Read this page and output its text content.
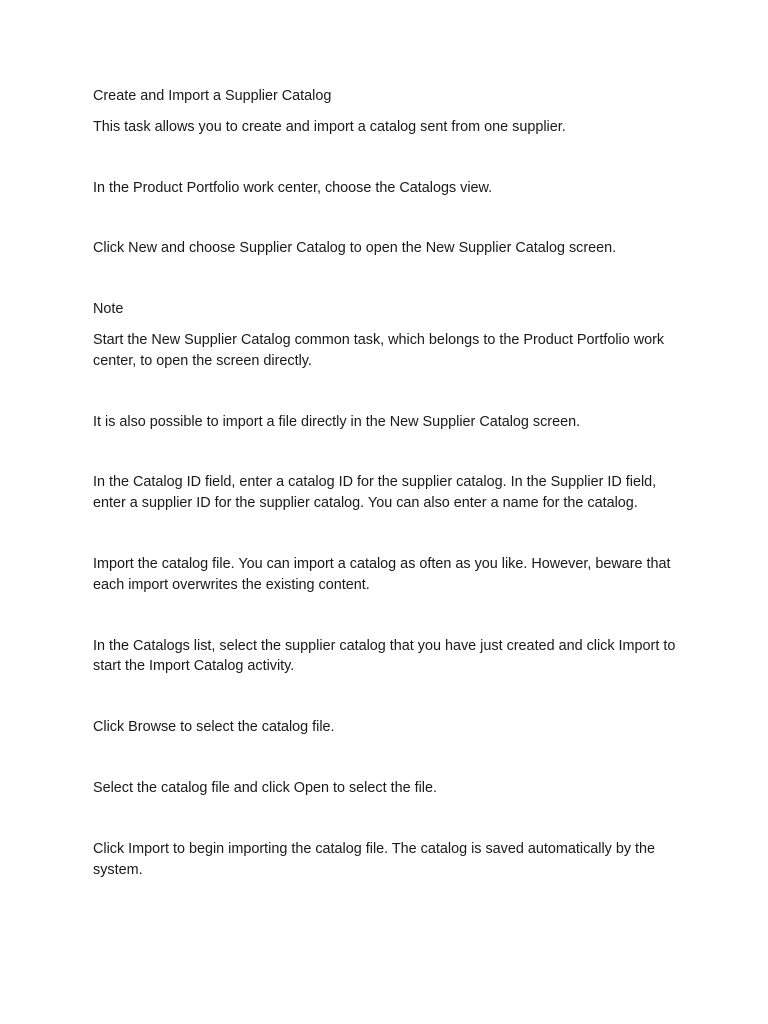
Create and Import a Supplier Catalog

This task allows you to create and import a catalog sent from one supplier.

In the Product Portfolio work center, choose the Catalogs view.

Click New and choose Supplier Catalog to open the New Supplier Catalog screen.

Note

Start the New Supplier Catalog common task, which belongs to the Product Portfolio work center, to open the screen directly.

It is also possible to import a file directly in the New Supplier Catalog screen.

In the Catalog ID field, enter a catalog ID for the supplier catalog. In the Supplier ID field, enter a supplier ID for the supplier catalog. You can also enter a name for the catalog.

Import the catalog file. You can import a catalog as often as you like. However, beware that each import overwrites the existing content.

In the Catalogs list, select the supplier catalog that you have just created and click Import to start the Import Catalog activity.

Click Browse to select the catalog file.

Select the catalog file and click Open to select the file.

Click Import to begin importing the catalog file. The catalog is saved automatically by the system.
